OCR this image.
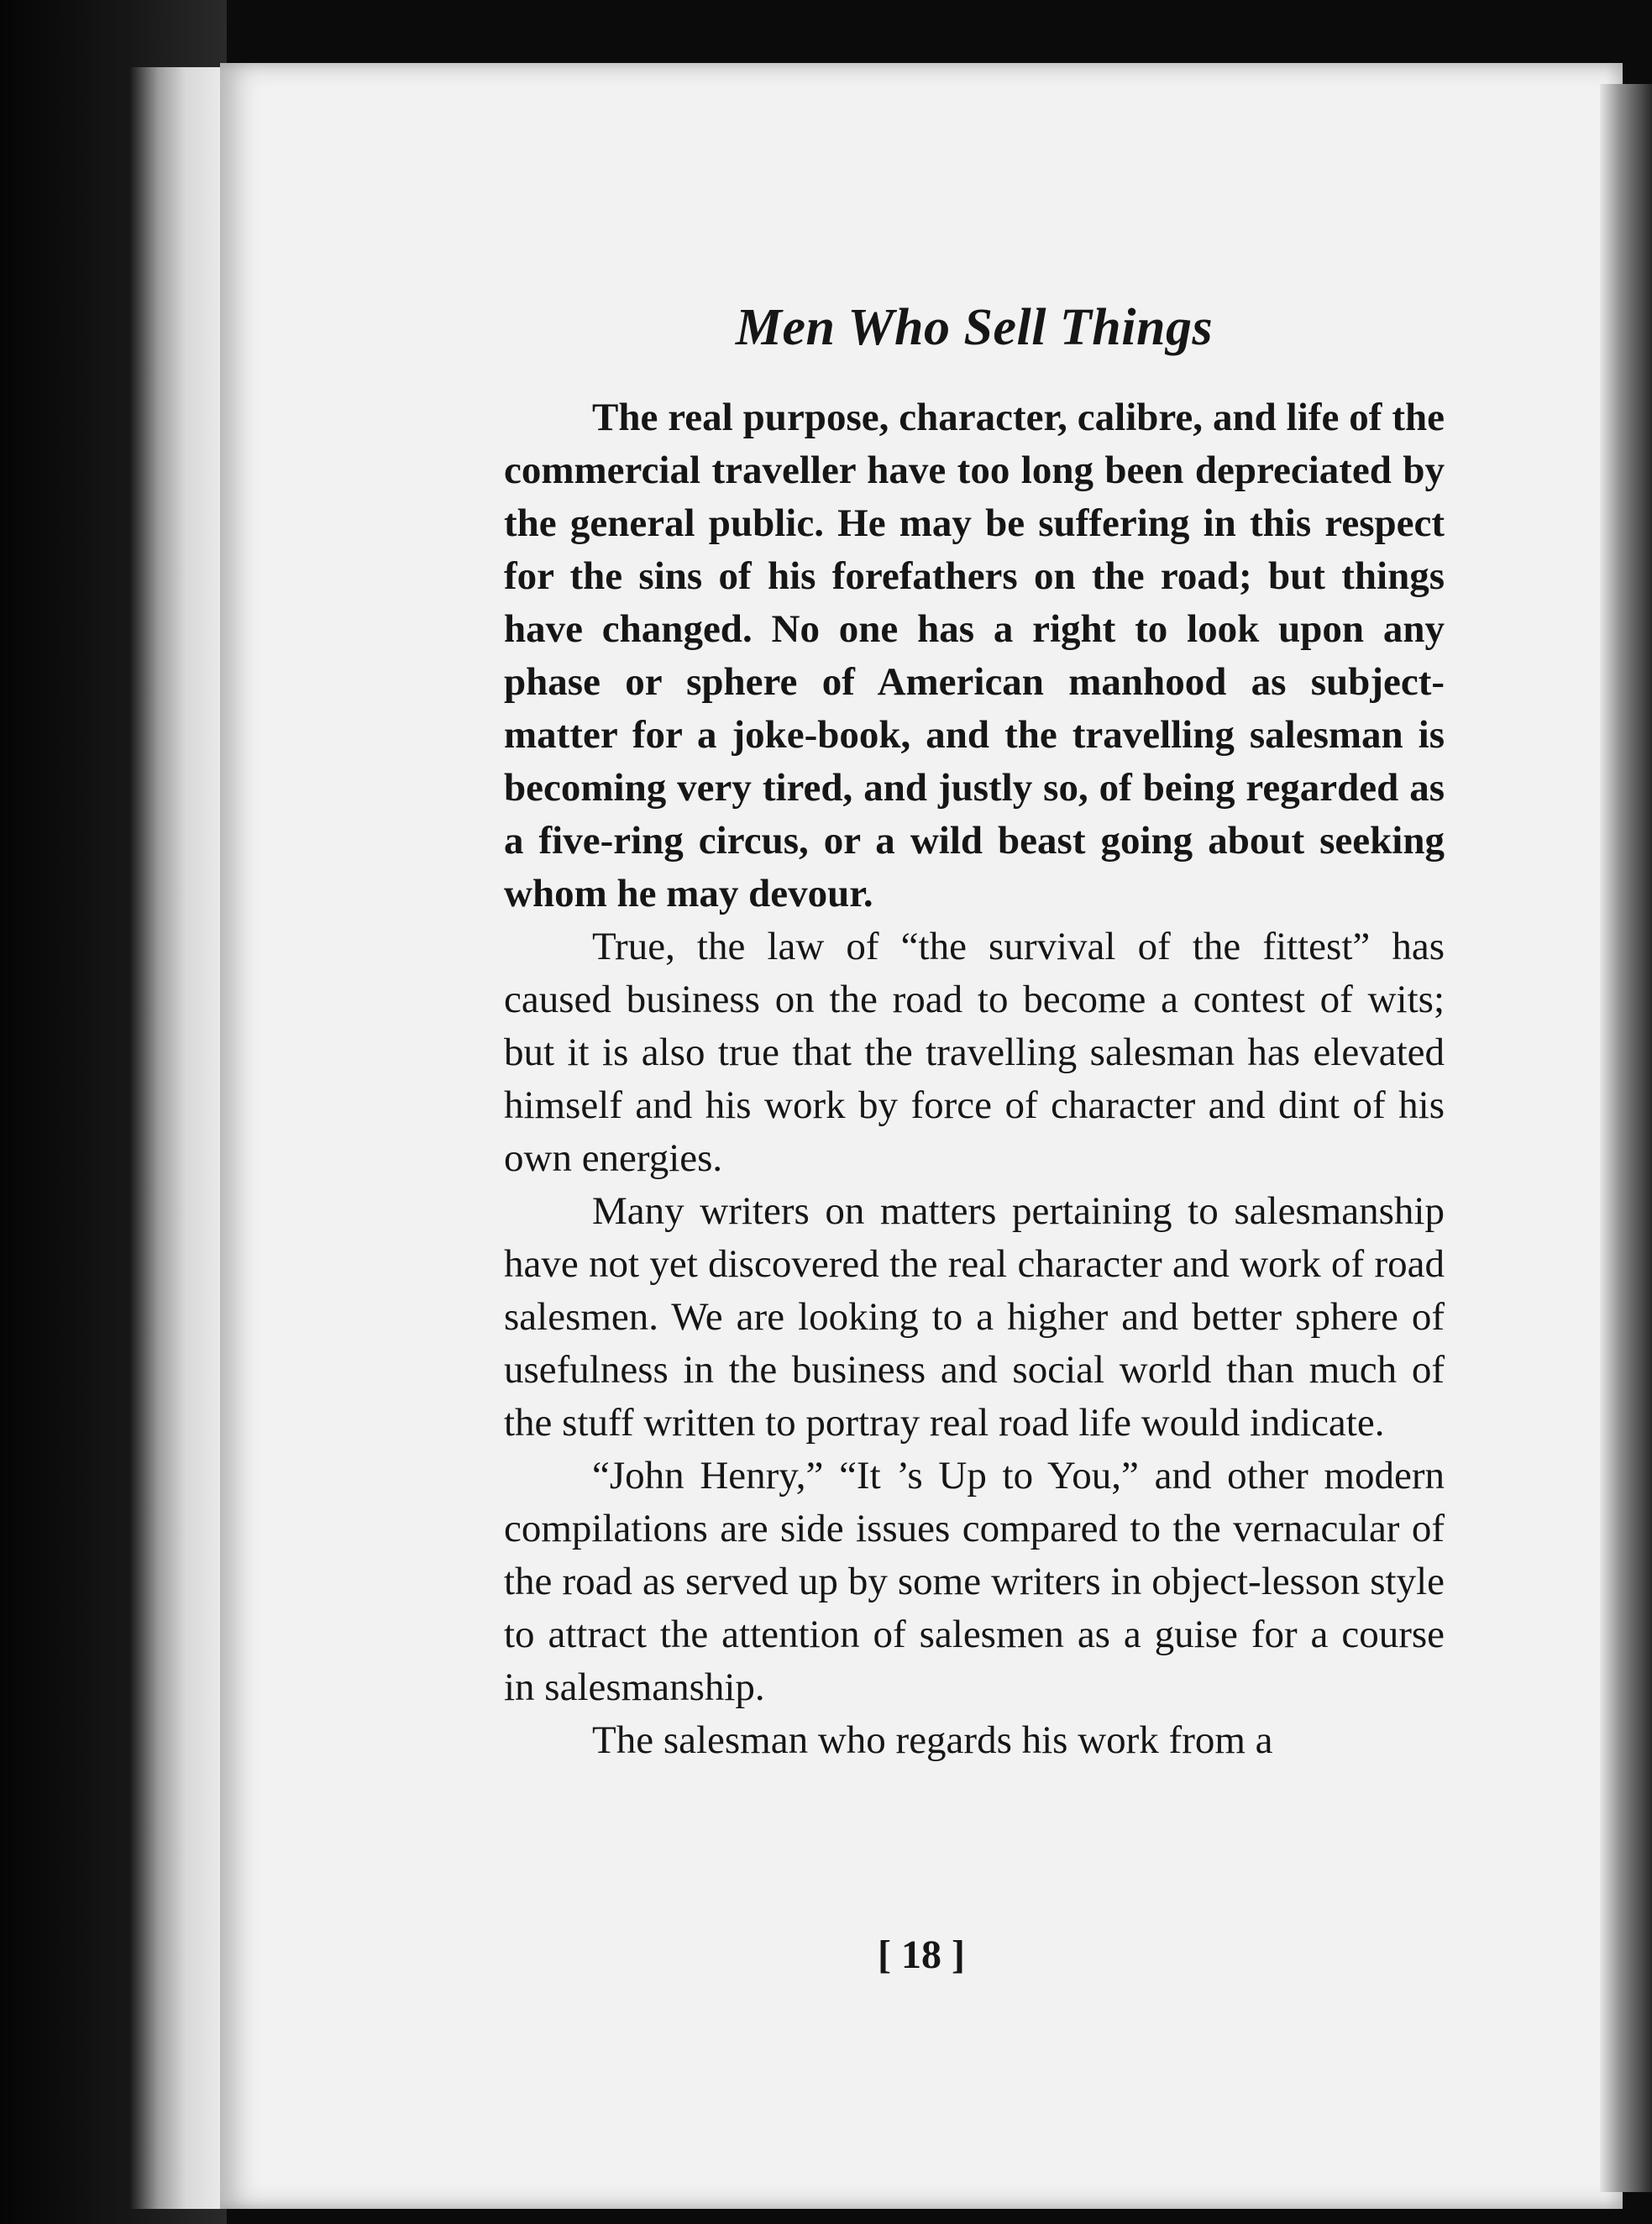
[ 18 ]
Men Who Sell Things

The real purpose, character, calibre, and life of the commercial traveller have too long been depreciated by the general public. He may be suffering in this respect for the sins of his forefathers on the road; but things have changed. No one has a right to look upon any phase or sphere of American manhood as subject-matter for a joke-book, and the travelling salesman is becoming very tired, and justly so, of being regarded as a five-ring circus, or a wild beast going about seeking whom he may devour.

True, the law of “the survival of the fittest” has caused business on the road to become a contest of wits; but it is also true that the travelling salesman has elevated himself and his work by force of character and dint of his own energies.

Many writers on matters pertaining to salesmanship have not yet discovered the real character and work of road salesmen. We are looking to a higher and better sphere of usefulness in the business and social world than much of the stuff written to portray real road life would indicate.

“John Henry,” “It ’s Up to You,” and other modern compilations are side issues compared to the vernacular of the road as served up by some writers in object-lesson style to attract the attention of salesmen as a guise for a course in salesmanship.

The salesman who regards his work from a
